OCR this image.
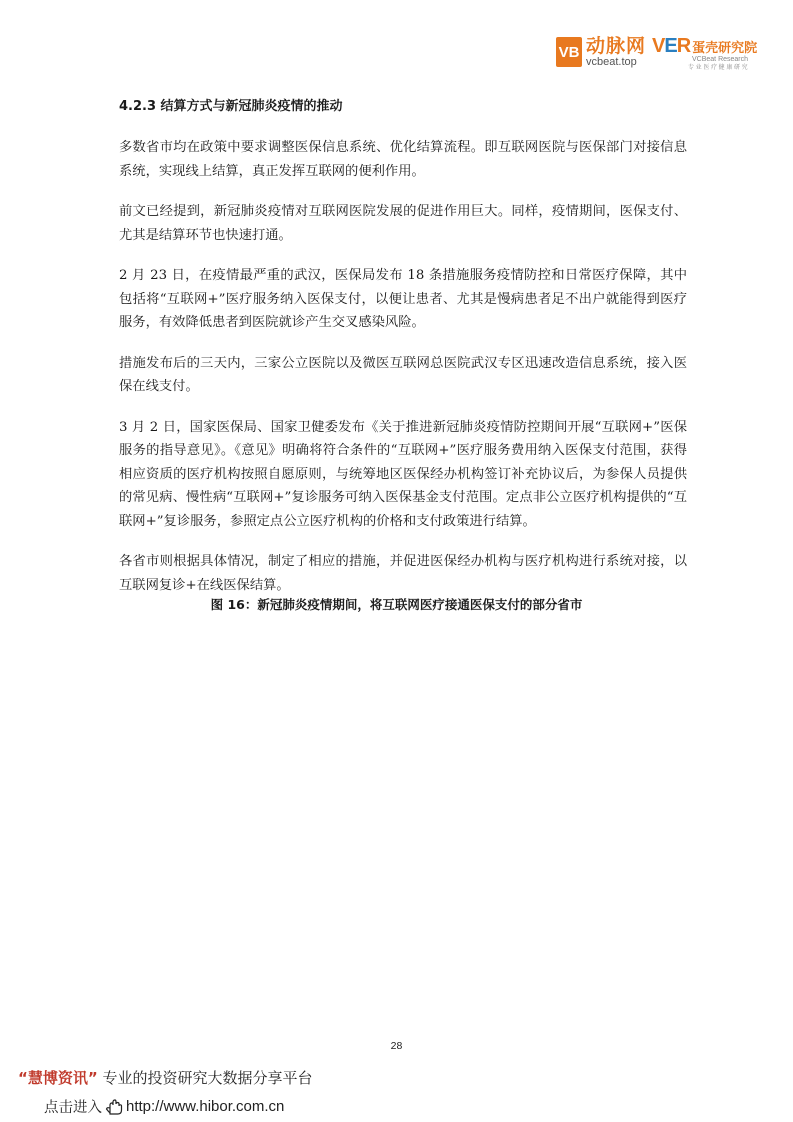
VB 动脉网
vcbeat.top
VER 蛋壳研究院
VCBeat Research
专 业 医 疗 健 康 研 究

4.2.3 结算方式与新冠肺炎疫情的推动

多数省市均在政策中要求调整医保信息系统、优化结算流程。即互联网医院与医保部门对接信息系统，实现线上结算，真正发挥互联网的便利作用。

前文已经提到，新冠肺炎疫情对互联网医院发展的促进作用巨大。同样，疫情期间，医保支付、尤其是结算环节也快速打通。

2 月 23 日，在疫情最严重的武汉，医保局发布 18 条措施服务疫情防控和日常医疗保障，其中包括将“互联网+”医疗服务纳入医保支付，以便让患者、尤其是慢病患者足不出户就能得到医疗服务，有效降低患者到医院就诊产生交叉感染风险。

措施发布后的三天内，三家公立医院以及微医互联网总医院武汉专区迅速改造信息系统，接入医保在线支付。

3 月 2 日，国家医保局、国家卫健委发布《关于推进新冠肺炎疫情防控期间开展“互联网+”医保服务的指导意见》。《意见》明确将符合条件的“互联网+”医疗服务费用纳入医保支付范围，获得相应资质的医疗机构按照自愿原则，与统筹地区医保经办机构签订补充协议后，为参保人员提供的常见病、慢性病“互联网+”复诊服务可纳入医保基金支付范围。定点非公立医疗机构提供的“互联网+”复诊服务，参照定点公立医疗机构的价格和支付政策进行结算。

各省市则根据具体情况，制定了相应的措施，并促进医保经办机构与医疗机构进行系统对接，以互联网复诊+在线医保结算。

图 16：新冠肺炎疫情期间，将互联网医疗接通医保支付的部分省市
28
“慧博资讯” 专业的投资研究大数据分享平台
点击进入 http://www.hibor.com.cn
